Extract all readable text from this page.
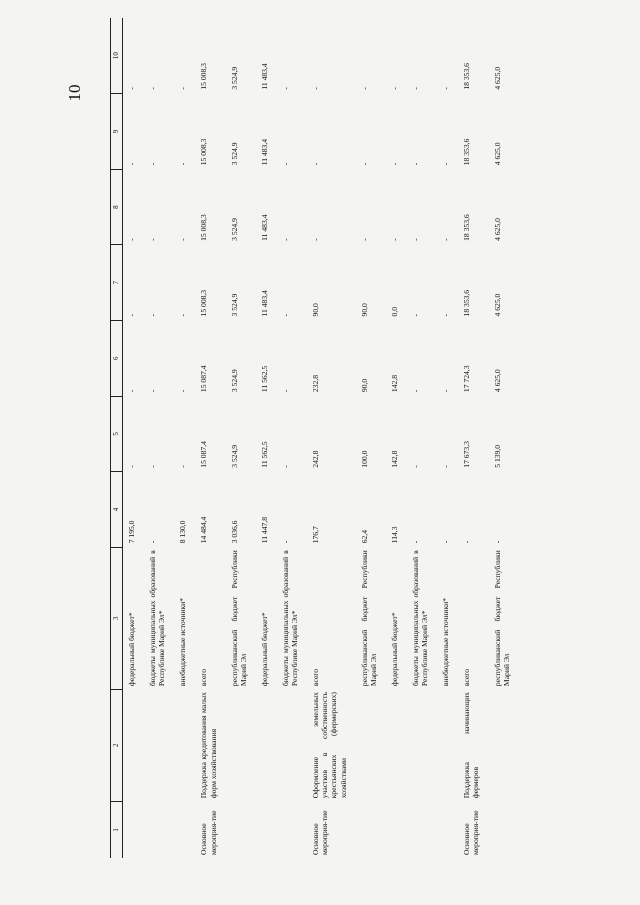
10
1	2	3	4	5	6	7	8	9	10
		федеральный бюджет*	7 195,0	-	-	-	-	-	-
		бюджеты муниципальных образований в Республике Марий Эл*	-	-	-	-	-	-	-
		внебюджетные источники*	8 130,0	-	-	-	-	-	-
Основное мероприя-тие	Поддержка кредитования малых форм хозяйствования	всего	14 484,4	15 087,4	15 087,4	15 008,3	15 008,3	15 008,3	15 008,3
		республиканский бюджет Республики Марий Эл	3 036,6	3 524,9	3 524,9	3 524,9	3 524,9	3 524,9	3 524,9
		федеральный бюджет*	11 447,8	11 562,5	11 562,5	11 483,4	11 483,4	11 483,4	11 483,4
		бюджеты муниципальных образований в Республике Марий Эл*	-	-	-	-	-	-	-
Основное мероприя-тие	Оформление земельных участков в собственность крестьянских (фермерских) хозяйствами	всего	176,7	242,8	232,8	90,0	-	-	-
		республиканский бюджет Республики Марий Эл	62,4	100,0	90,0	90,0	-	-	-
		федеральный бюджет*	114,3	142,8	142,8	0,0	-	-	-
		бюджеты муниципальных образований в Республике Марий Эл*	-	-	-	-	-	-	-
		внебюджетные источники*	-	-	-	-	-	-	-
Основное мероприя-тие	Поддержка начинающих фермеров	всего	-	17 673,3	17 724,3	18 353,6	18 353,6	18 353,6	18 353,6
		республиканский бюджет Республики Марий Эл	-	5 139,0	4 625,0	4 625,0	4 625,0	4 625,0	4 625,0
